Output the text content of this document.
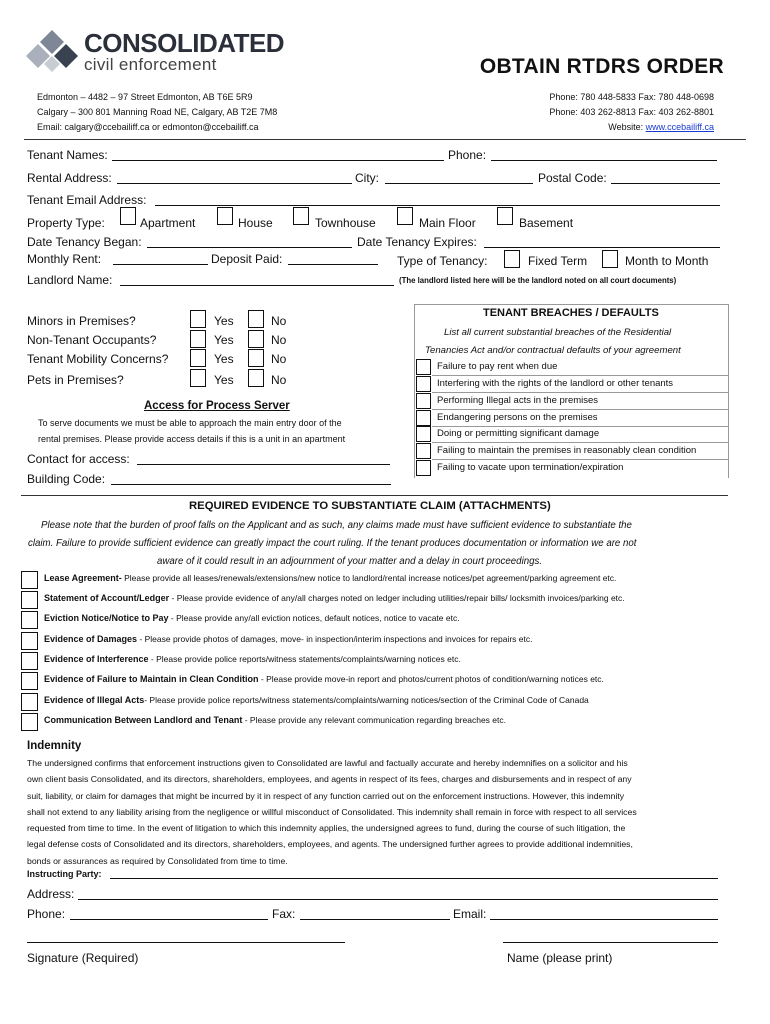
CONSOLIDATED
civil enforcement	OBTAIN RTDRS ORDER
Edmonton – 4482 – 97 Street Edmonton, AB T6E 5R9
Calgary – 300 801 Manning Road NE, Calgary, AB T2E 7M8
Email: calgary@ccebailiff.ca or edmonton@ccebailiff.ca
Phone: 780 448-5833 Fax: 780 448-0698
Phone: 403 262-8813 Fax: 403 262-8801
Website: www.ccebailiff.ca
Tenant Names:	Phone:
Rental Address:	City:	Postal Code:
Tenant Email Address:
Property Type:	Apartment	House	Townhouse	Main Floor	Basement
Date Tenancy Began:	Date Tenancy Expires:
Monthly Rent:	Deposit Paid:	Type of Tenancy:	Fixed Term	Month to Month
Landlord Name:	(The landlord listed here will be the landlord noted on all court documents)
Minors in Premises?	Yes	No
Non-Tenant Occupants?	Yes	No
Tenant Mobility Concerns?	Yes	No
Pets in Premises?	Yes	No
Access for Process Server
To serve documents we must be able to approach the main entry door of the
rental premises. Please provide access details if this is a unit in an apartment
Contact for access:
Building Code:
TENANT BREACHES / DEFAULTS
List all current substantial breaches of the Residential
Tenancies Act and/or contractual defaults of your agreement
Failure to pay rent when due
Interfering with the rights of the landlord or other tenants
Performing Illegal acts in the premises
Endangering persons on the premises
Doing or permitting significant damage
Failing to maintain the premises in reasonably clean condition
Failing to vacate upon termination/expiration
REQUIRED EVIDENCE TO SUBSTANTIATE CLAIM (ATTACHMENTS)
Please note that the burden of proof falls on the Applicant and as such, any claims made must have sufficient evidence to substantiate the
claim. Failure to provide sufficient evidence can greatly impact the court ruling. If the tenant produces documentation or information we are not
aware of it could result in an adjournment of your matter and a delay in court proceedings.
Lease Agreement- Please provide all leases/renewals/extensions/new notice to landlord/rental increase notices/pet agreement/parking agreement etc.
Statement of Account/Ledger - Please provide evidence of any/all charges noted on ledger including utilities/repair bills/ locksmith invoices/parking etc.
Eviction Notice/Notice to Pay - Please provide any/all eviction notices, default notices, notice to vacate etc.
Evidence of Damages - Please provide photos of damages, move- in inspection/interim inspections and invoices for repairs etc.
Evidence of Interference - Please provide police reports/witness statements/complaints/warning notices etc.
Evidence of Failure to Maintain in Clean Condition - Please provide move-in report and photos/current photos of condition/warning notices etc.
Evidence of Illegal Acts- Please provide police reports/witness statements/complaints/warning notices/section of the Criminal Code of Canada
Communication Between Landlord and Tenant - Please provide any relevant communication regarding breaches etc.
Indemnity

The undersigned confirms that enforcement instructions given to Consolidated are lawful and factually accurate and hereby indemnifies on a solicitor and his

own client basis Consolidated, and its directors, shareholders, employees, and agents in respect of its fees, charges and disbursements and in respect of any

suit, liability, or claim for damages that might be incurred by it in respect of any function carried out on the enforcement instructions. However, this indemnity

shall not extend to any liability arising from the negligence or willful misconduct of Consolidated. This indemnity shall remain in force with respect to all services

requested from time to time. In the event of litigation to which this indemnity applies, the undersigned agrees to fund, during the course of such litigation, the

legal defense costs of Consolidated and its directors, shareholders, employees, and agents. The undersigned further agrees to provide additional indemnities,

bonds or assurances as required by Consolidated from time to time.

Instructing Party:
Address:
Phone:	Fax:	Email:
Signature (Required)	Name (please print)
